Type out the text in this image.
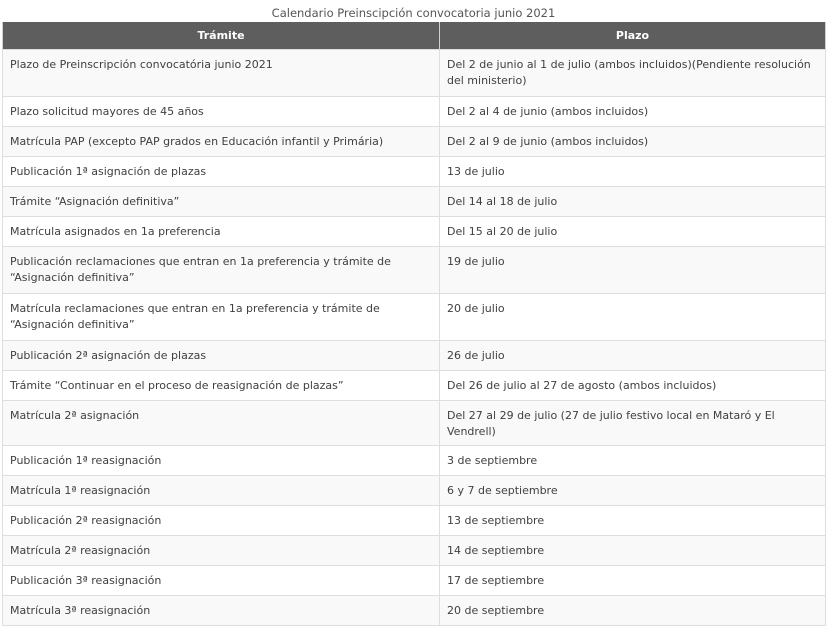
Calendario Preinscipción convocatoria junio 2021
Trámite	Plazo
Plazo de Preinscripción convocatória junio 2021	Del 2 de junio al 1 de julio (ambos incluidos)(Pendiente resolución del ministerio)
Plazo solicitud mayores de 45 años	Del 2 al 4 de junio (ambos incluidos)
Matrícula PAP (excepto PAP grados en Educación infantil y Primária)	Del 2 al 9 de junio (ambos incluidos)
Publicación 1ª asignación de plazas	13 de julio
Trámite “Asignación definitiva”	Del 14 al 18 de julio
Matrícula asignados en 1a preferencia	Del 15 al 20 de julio
Publicación reclamaciones que entran en 1a preferencia y trámite de “Asignación definitiva”	19 de julio
Matrícula reclamaciones que entran en 1a preferencia y trámite de “Asignación definitiva”	20 de julio
Publicación 2ª asignación de plazas	26 de julio
Trámite “Continuar en el proceso de reasignación de plazas”	Del 26 de julio al 27 de agosto (ambos incluidos)
Matrícula 2ª asignación	Del 27 al 29 de julio (27 de julio festivo local en Mataró y El Vendrell)
Publicación 1ª reasignación	3 de septiembre
Matrícula 1ª reasignación	6 y 7 de septiembre
Publicación 2ª reasignación	13 de septiembre
Matrícula 2ª reasignación	14 de septiembre
Publicación 3ª reasignación	17 de septiembre
Matrícula 3ª reasignación	20 de septiembre
